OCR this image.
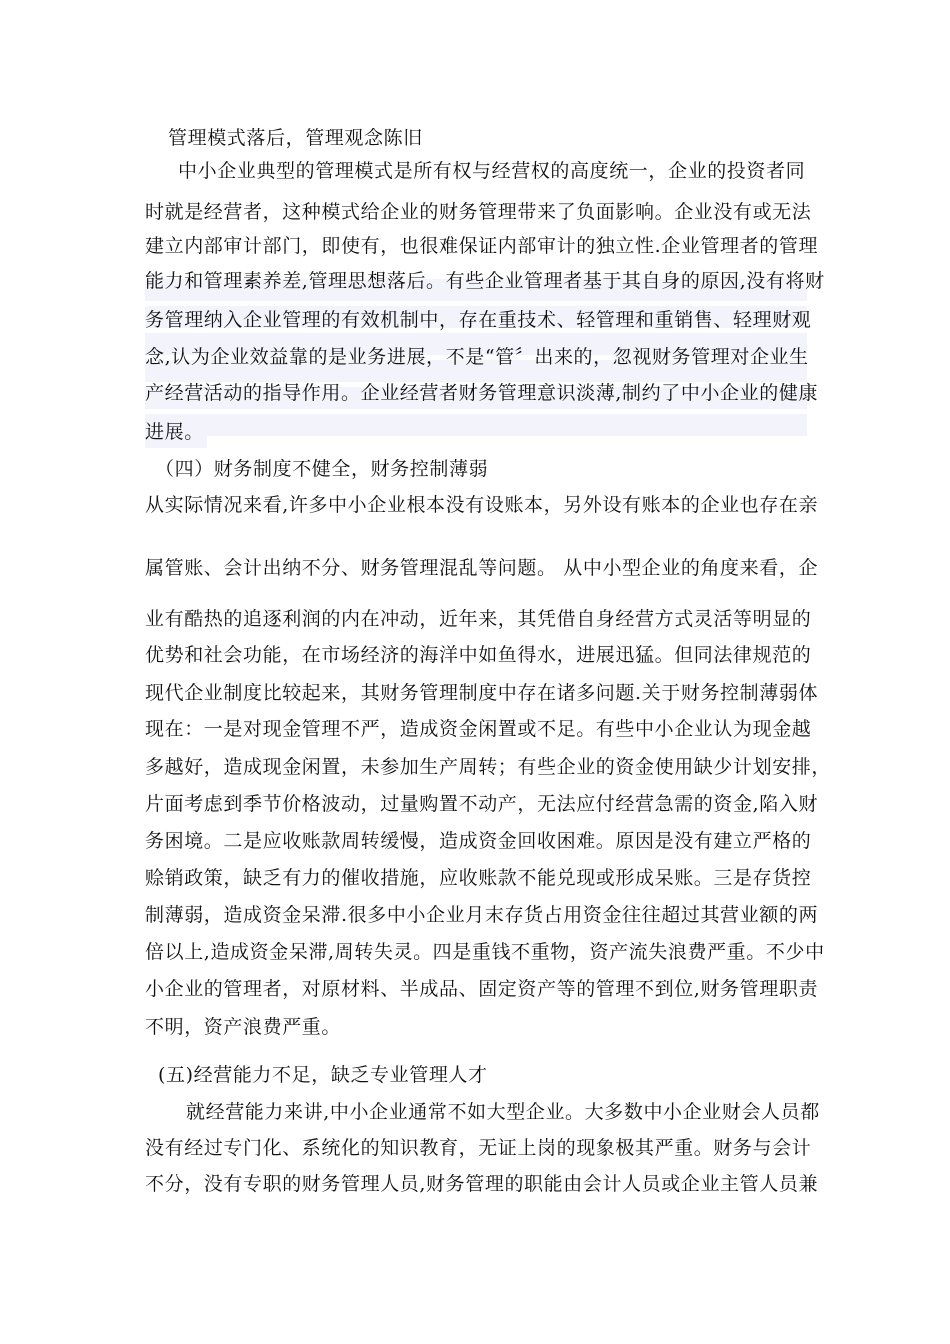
管理模式落后，管理观念陈旧
中小企业典型的管理模式是所有权与经营权的高度统一，企业的投资者同
时就是经营者，这种模式给企业的财务管理带来了负面影响。企业没有或无法
建立内部审计部门，即使有，也很难保证内部审计的独立性.企业管理者的管理
能力和管理素养差,管理思想落后。有些企业管理者基于其自身的原因,没有将财
务管理纳入企业管理的有效机制中，存在重技术、轻管理和重销售、轻理财观
念,认为企业效益靠的是业务进展，不是“管〞出来的，忽视财务管理对企业生
产经营活动的指导作用。企业经营者财务管理意识淡薄,制约了中小企业的健康
进展。
（四）财务制度不健全，财务控制薄弱
从实际情况来看,许多中小企业根本没有设账本，另外设有账本的企业也存在亲
属管账、会计出纳不分、财务管理混乱等问题。 从中小型企业的角度来看，企
业有酷热的追逐利润的内在冲动，近年来，其凭借自身经营方式灵活等明显的
优势和社会功能，在市场经济的海洋中如鱼得水，进展迅猛。但同法律规范的
现代企业制度比较起来，其财务管理制度中存在诸多问题.关于财务控制薄弱体
现在：一是对现金管理不严，造成资金闲置或不足。有些中小企业认为现金越
多越好，造成现金闲置，未参加生产周转；有些企业的资金使用缺少计划安排，
片面考虑到季节价格波动，过量购置不动产，无法应付经营急需的资金,陷入财
务困境。二是应收账款周转缓慢，造成资金回收困难。原因是没有建立严格的
赊销政策，缺乏有力的催收措施，应收账款不能兑现或形成呆账。三是存货控
制薄弱，造成资金呆滞.很多中小企业月末存货占用资金往往超过其营业额的两
倍以上,造成资金呆滞,周转失灵。四是重钱不重物，资产流失浪费严重。不少中
小企业的管理者，对原材料、半成品、固定资产等的管理不到位,财务管理职责
不明，资产浪费严重。
(五)经营能力不足，缺乏专业管理人才
就经营能力来讲,中小企业通常不如大型企业。大多数中小企业财会人员都
没有经过专门化、系统化的知识教育，无证上岗的现象极其严重。财务与会计
不分，没有专职的财务管理人员,财务管理的职能由会计人员或企业主管人员兼
